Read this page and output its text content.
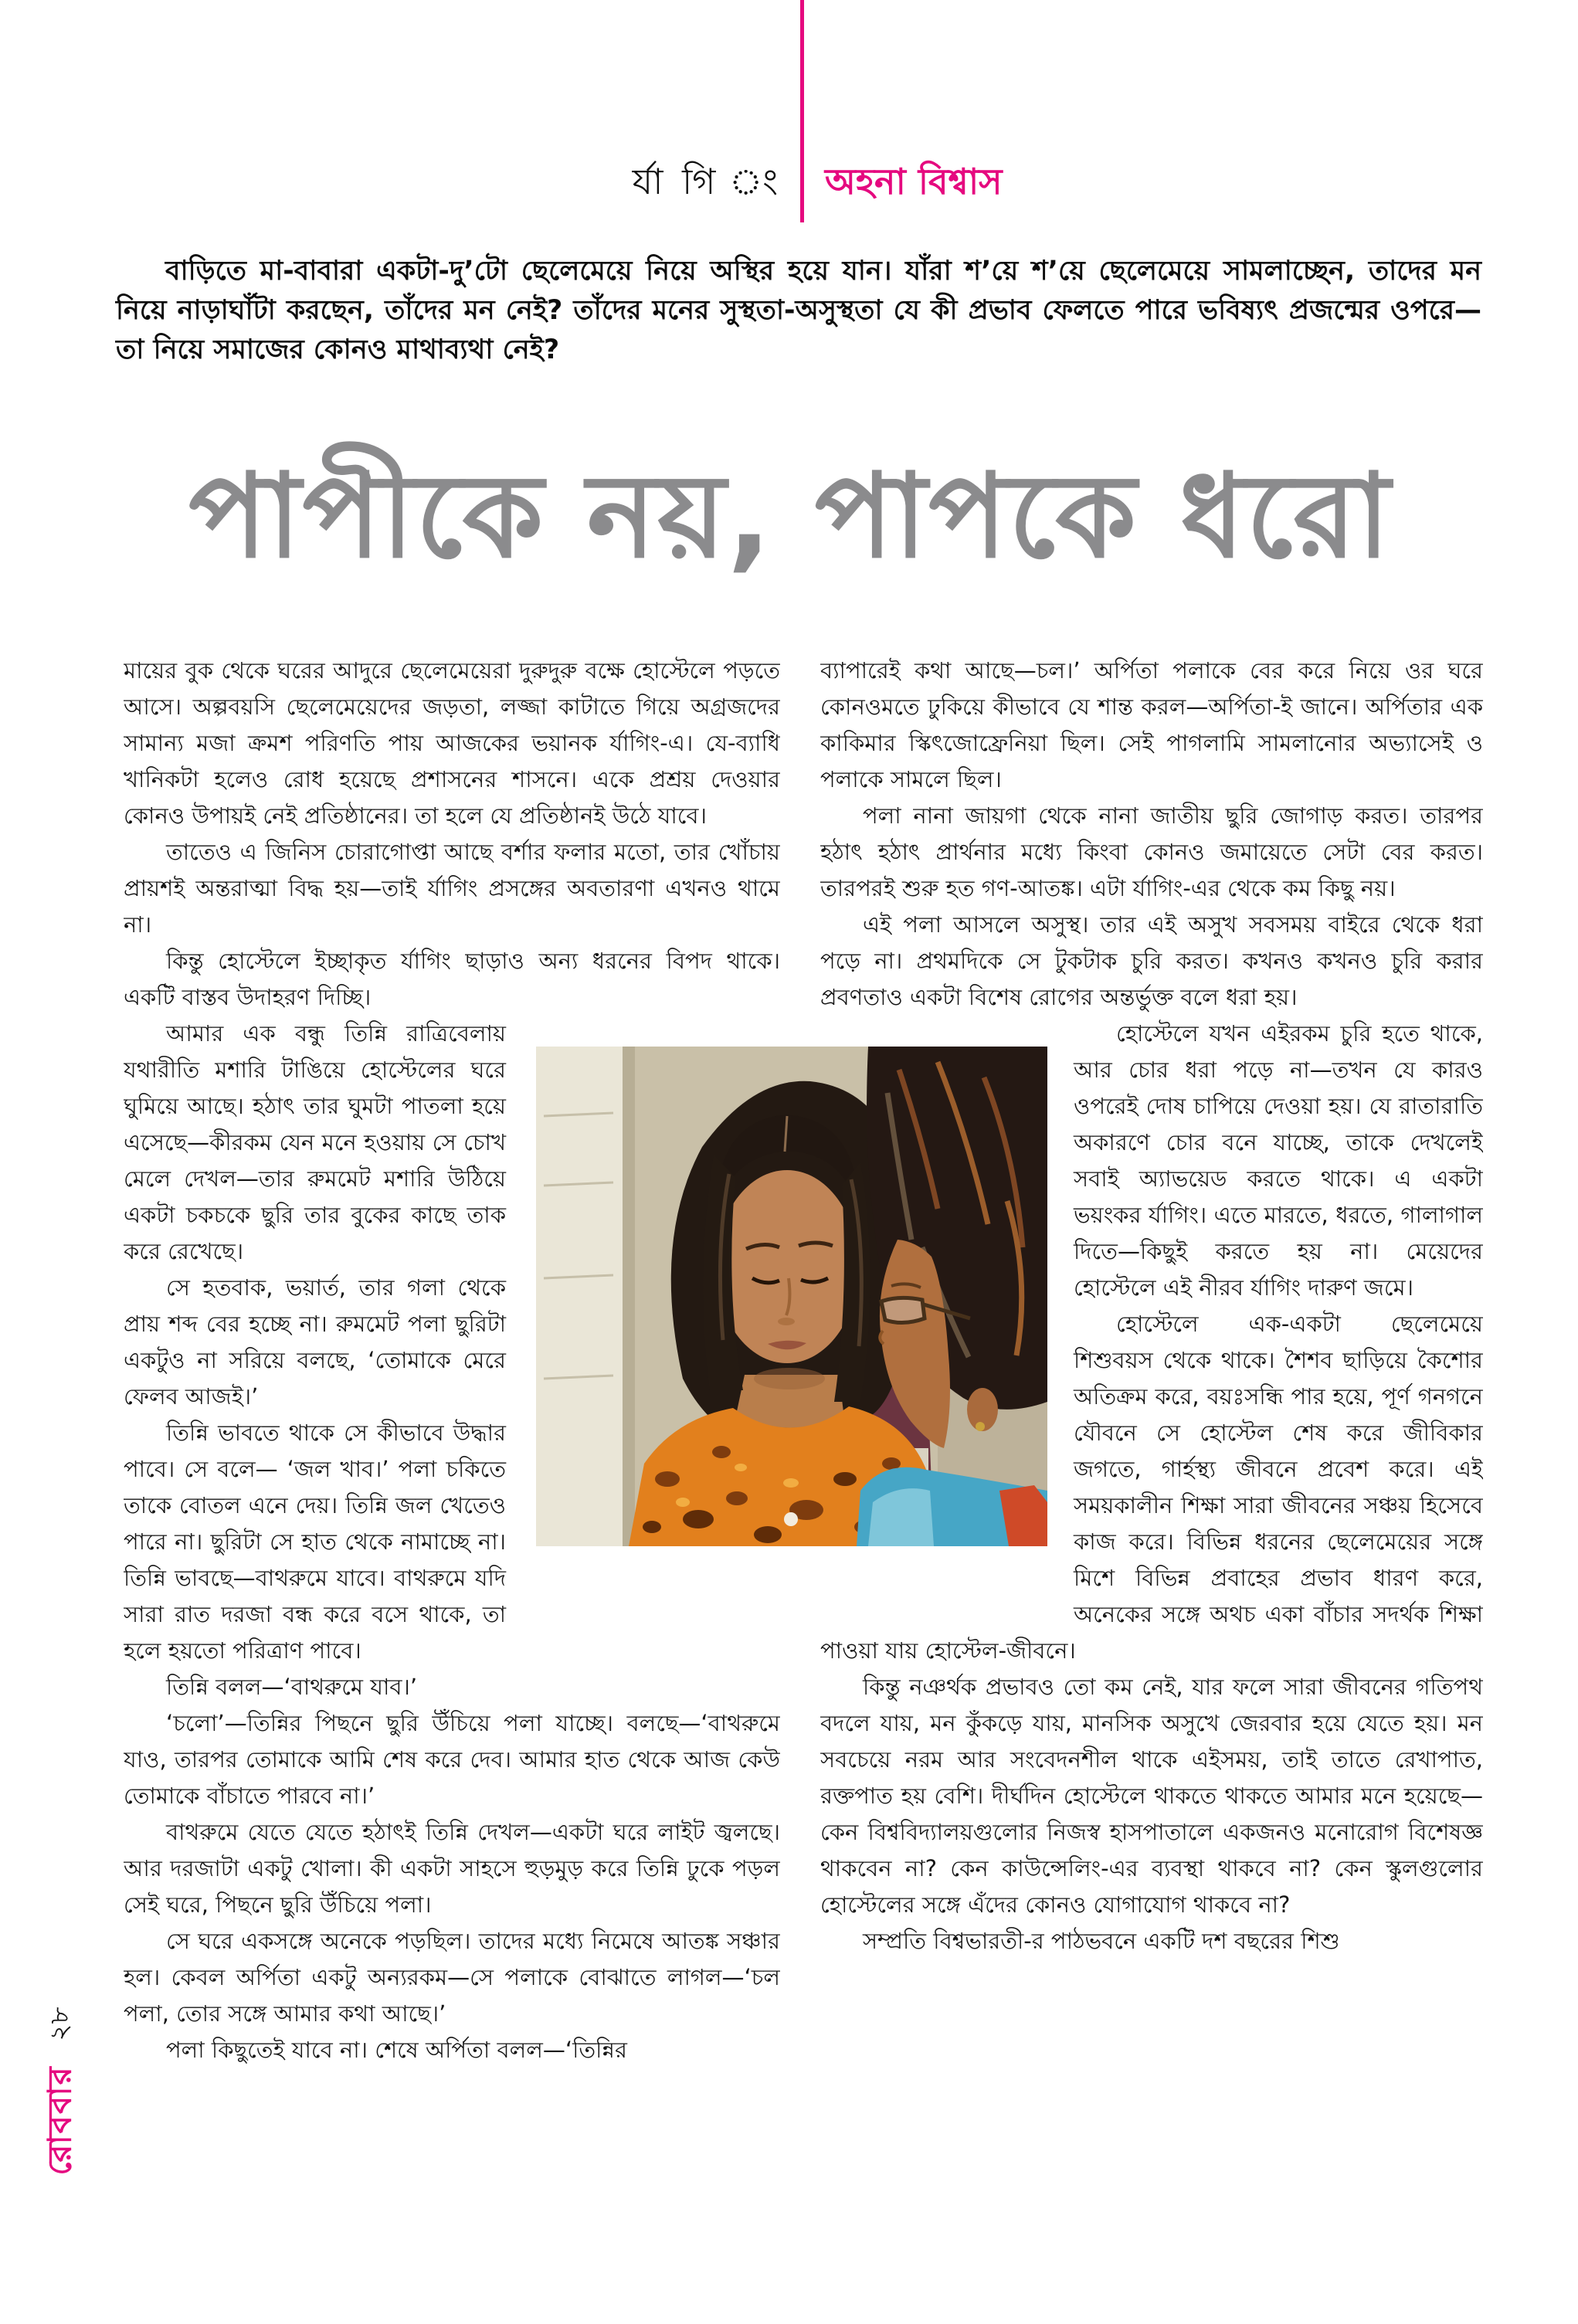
র্যা গি ং অহনা বিশ্বাস

বাড়িতে মা-বাবারা একটা-দু’টো ছেলেমেয়ে নিয়ে অস্থির হয়ে যান। যাঁরা শ’য়ে শ’য়ে ছেলেমেয়ে সামলাচ্ছেন, তাদের মন নিয়ে নাড়াঘাঁটা করছেন, তাঁদের মন নেই? তাঁদের মনের সুস্থতা-অসুস্থতা যে কী প্রভাব ফেলতে পারে ভবিষ্যৎ প্রজন্মের ওপরে—তা নিয়ে সমাজের কোনও মাথাব্যথা নেই?

পাপীকে নয়, পাপকে ধরো

মায়ের বুক থেকে ঘরের আদুরে ছেলেমেয়েরা দুরুদুরু বক্ষে হোস্টেলে পড়তে আসে। অল্পবয়সি ছেলেমেয়েদের জড়তা, লজ্জা কাটাতে গিয়ে অগ্রজদের সামান্য মজা ক্রমশ পরিণতি পায় আজকের ভয়ানক র্যাগিং-এ। যে-ব্যাধি খানিকটা হলেও রোধ হয়েছে প্রশাসনের শাসনে। একে প্রশ্রয় দেওয়ার কোনও উপায়ই নেই প্রতিষ্ঠানের। তা হলে যে প্রতিষ্ঠানই উঠে যাবে।

তাতেও এ জিনিস চোরাগোপ্তা আছে বর্শার ফলার মতো, তার খোঁচায় প্রায়শই অন্তরাত্মা বিদ্ধ হয়—তাই র্যাগিং প্রসঙ্গের অবতারণা এখনও থামে না।

কিন্তু হোস্টেলে ইচ্ছাকৃত র্যাগিং ছাড়াও অন্য ধরনের বিপদ থাকে। একটি বাস্তব উদাহরণ দিচ্ছি।

আমার এক বন্ধু তিন্নি রাত্রিবেলায় যথারীতি মশারি টাঙিয়ে হোস্টেলের ঘরে ঘুমিয়ে আছে। হঠাৎ তার ঘুমটা পাতলা হয়ে এসেছে—কীরকম যেন মনে হওয়ায় সে চোখ মেলে দেখল—তার রুমমেট মশারি উঠিয়ে একটা চকচকে ছুরি তার বুকের কাছে তাক করে রেখেছে।

সে হতবাক, ভয়ার্ত, তার গলা থেকে প্রায় শব্দ বের হচ্ছে না। রুমমেট পলা ছুরিটা একটুও না সরিয়ে বলছে, ‘তোমাকে মেরে ফেলব আজই।’

তিন্নি ভাবতে থাকে সে কীভাবে উদ্ধার পাবে। সে বলে— ‘জল খাব।’ পলা চকিতে তাকে বোতল এনে দেয়। তিন্নি জল খেতেও পারে না। ছুরিটা সে হাত থেকে নামাচ্ছে না। তিন্নি ভাবছে—বাথরুমে যাবে। বাথরুমে যদি সারা রাত দরজা বন্ধ করে বসে থাকে, তা হলে হয়তো পরিত্রাণ পাবে।

তিন্নি বলল—‘বাথরুমে যাব।’

‘চলো’—তিন্নির পিছনে ছুরি উঁচিয়ে পলা যাচ্ছে। বলছে—‘বাথরুমে যাও, তারপর তোমাকে আমি শেষ করে দেব। আমার হাত থেকে আজ কেউ তোমাকে বাঁচাতে পারবে না।’

বাথরুমে যেতে যেতে হঠাৎই তিন্নি দেখল—একটা ঘরে লাইট জ্বলছে। আর দরজাটা একটু খোলা। কী একটা সাহসে হুড়মুড় করে তিন্নি ঢুকে পড়ল সেই ঘরে, পিছনে ছুরি উঁচিয়ে পলা।

সে ঘরে একসঙ্গে অনেকে পড়ছিল। তাদের মধ্যে নিমেষে আতঙ্ক সঞ্চার হল। কেবল অর্পিতা একটু অন্যরকম—সে পলাকে বোঝাতে লাগল—‘চল পলা, তোর সঙ্গে আমার কথা আছে।’

পলা কিছুতেই যাবে না। শেষে অর্পিতা বলল—‘তিন্নির

ব্যাপারেই কথা আছে—চল।’ অর্পিতা পলাকে বের করে নিয়ে ওর ঘরে কোনওমতে ঢুকিয়ে কীভাবে যে শান্ত করল—অর্পিতা-ই জানে। অর্পিতার এক কাকিমার স্কিৎজোফ্রেনিয়া ছিল। সেই পাগলামি সামলানোর অভ্যাসেই ও পলাকে সামলে ছিল।

পলা নানা জায়গা থেকে নানা জাতীয় ছুরি জোগাড় করত। তারপর হঠাৎ হঠাৎ প্রার্থনার মধ্যে কিংবা কোনও জমায়েতে সেটা বের করত। তারপরই শুরু হত গণ-আতঙ্ক। এটা র্যাগিং-এর থেকে কম কিছু নয়।

এই পলা আসলে অসুস্থ। তার এই অসুখ সবসময় বাইরে থেকে ধরা পড়ে না। প্রথমদিকে সে টুকটাক চুরি করত। কখনও কখনও চুরি করার প্রবণতাও একটা বিশেষ রোগের অন্তর্ভুক্ত বলে ধরা হয়।

হোস্টেলে যখন এইরকম চুরি হতে থাকে, আর চোর ধরা পড়ে না—তখন যে কারও ওপরেই দোষ চাপিয়ে দেওয়া হয়। যে রাতারাতি অকারণে চোর বনে যাচ্ছে, তাকে দেখলেই সবাই অ্যাভয়েড করতে থাকে। এ একটা ভয়ংকর র্যাগিং। এতে মারতে, ধরতে, গালাগাল দিতে—কিছুই করতে হয় না। মেয়েদের হোস্টেলে এই নীরব র্যাগিং দারুণ জমে।

হোস্টেলে এক-একটা ছেলেমেয়ে শিশুবয়স থেকে থাকে। শৈশব ছাড়িয়ে কৈশোর অতিক্রম করে, বয়ঃসন্ধি পার হয়ে, পূর্ণ গনগনে যৌবনে সে হোস্টেল শেষ করে জীবিকার জগতে, গার্হস্থ্য জীবনে প্রবেশ করে। এই সময়কালীন শিক্ষা সারা জীবনের সঞ্চয় হিসেবে কাজ করে। বিভিন্ন ধরনের ছেলেমেয়ের সঙ্গে মিশে বিভিন্ন প্রবাহের প্রভাব ধারণ করে, অনেকের সঙ্গে অথচ একা বাঁচার সদর্থক শিক্ষা পাওয়া যায় হোস্টেল-জীবনে।

কিন্তু নঞর্থক প্রভাবও তো কম নেই, যার ফলে সারা জীবনের গতিপথ বদলে যায়, মন কুঁকড়ে যায়, মানসিক অসুখে জেরবার হয়ে যেতে হয়। মন সবচেয়ে নরম আর সংবেদনশীল থাকে এইসময়, তাই তাতে রেখাপাত, রক্তপাত হয় বেশি। দীর্ঘদিন হোস্টেলে থাকতে থাকতে আমার মনে হয়েছে—কেন বিশ্ববিদ্যালয়গুলোর নিজস্ব হাসপাতালে একজনও মনোরোগ বিশেষজ্ঞ থাকবেন না? কেন কাউন্সেলিং-এর ব্যবস্থা থাকবে না? কেন স্কুলগুলোর হোস্টেলের সঙ্গে এঁদের কোনও যোগাযোগ থাকবে না?

সম্প্রতি বিশ্বভারতী-র পাঠভবনে একটি দশ বছরের শিশু

২৮
রোববার
